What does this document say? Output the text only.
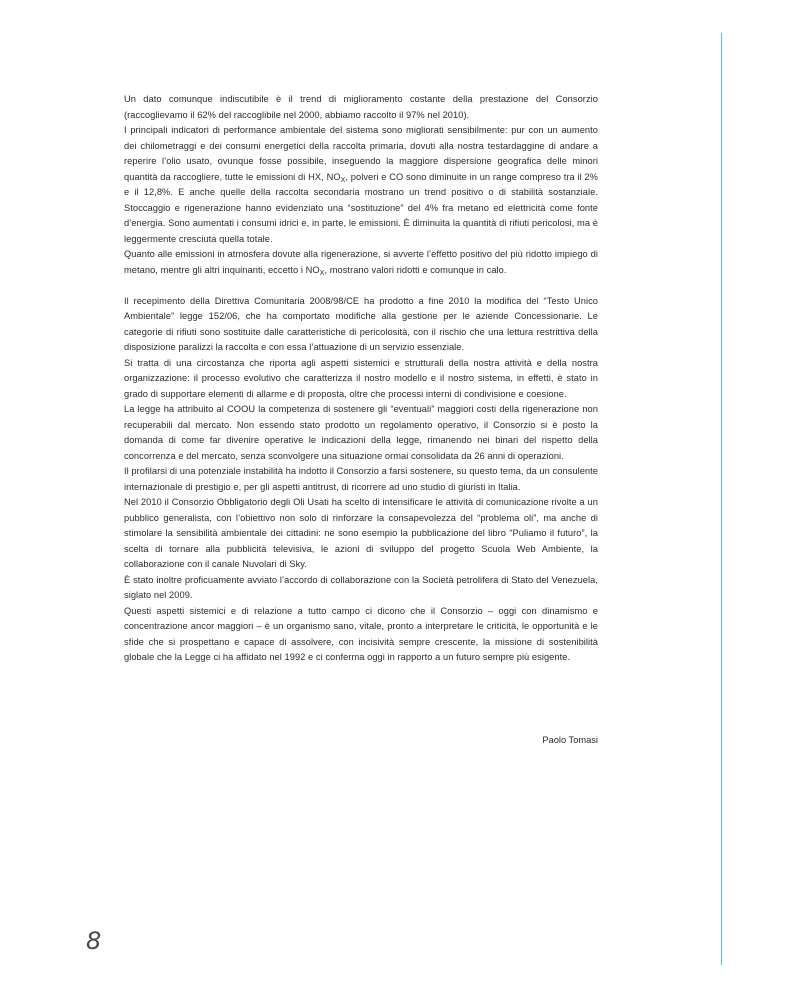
Un dato comunque indiscutibile è il trend di miglioramento costante della prestazione del Consorzio (raccoglievamo il 62% del raccoglibile nel 2000, abbiamo raccolto il 97% nel 2010).

I principali indicatori di performance ambientale del sistema sono migliorati sensibilmente: pur con un aumento dei chilometraggi e dei consumi energetici della raccolta primaria, dovuti alla nostra testardaggine di andare a reperire l’olio usato, ovunque fosse possibile, inseguendo la maggiore dispersione geografica delle minori quantità da raccogliere, tutte le emissioni di HX, $NO_X$, polveri e CO sono diminuite in un range compreso tra il 2% e il 12,8%. E anche quelle della raccolta secondaria mostrano un trend positivo o di stabilità sostanziale. Stoccaggio e rigenerazione hanno evidenziato una “sostituzione” del 4% fra metano ed elettricità come fonte d’energia. Sono aumentati i consumi idrici e, in parte, le emissioni. È diminuita la quantità di rifiuti pericolosi, ma è leggermente cresciuta quella totale.

Quanto alle emissioni in atmosfera dovute alla rigenerazione, si avverte l’effetto positivo del più ridotto impiego di metano, mentre gli altri inquinanti, eccetto i $NO_X$, mostrano valori ridotti e comunque in calo.

Il recepimento della Direttiva Comunitaria 2008/98/CE ha prodotto a fine 2010 la modifica del “Testo Unico Ambientale” legge 152/06, che ha comportato modifiche alla gestione per le aziende Concessionarie. Le categorie di rifiuti sono sostituite dalle caratteristiche di pericolosità, con il rischio che una lettura restrittiva della disposizione paralizzi la raccolta e con essa l’attuazione di un servizio essenziale.

Si tratta di una circostanza che riporta agli aspetti sistemici e strutturali della nostra attività e della nostra organizzazione: il processo evolutivo che caratterizza il nostro modello e il nostro sistema, in effetti, è stato in grado di supportare elementi di allarme e di proposta, oltre che processi interni di condivisione e coesione.

La legge ha attribuito al COOU la competenza di sostenere gli “eventuali” maggiori costi della rigenerazione non recuperabili dal mercato. Non essendo stato prodotto un regolamento operativo, il Consorzio si è posto la domanda di come far divenire operative le indicazioni della legge, rimanendo nei binari del rispetto della concorrenza e del mercato, senza sconvolgere una situazione ormai consolidata da 26 anni di operazioni.

Il profilarsi di una potenziale instabilità ha indotto il Consorzio a farsi sostenere, su questo tema, da un consulente internazionale di prestigio e, per gli aspetti antitrust, di ricorrere ad uno studio di giuristi in Italia.

Nel 2010 il Consorzio Obbligatorio degli Oli Usati ha scelto di intensificare le attività di comunicazione rivolte a un pubblico generalista, con l’obiettivo non solo di rinforzare la consapevolezza del “problema oli”, ma anche di stimolare la sensibilità ambientale dei cittadini: ne sono esempio la pubblicazione del libro “Puliamo il futuro”, la scelta di tornare alla pubblicità televisiva, le azioni di sviluppo del progetto Scuola Web Ambiente, la collaborazione con il canale Nuvolari di Sky.

È stato inoltre proficuamente avviato l’accordo di collaborazione con la Società petrolifera di Stato del Venezuela, siglato nel 2009.

Questi aspetti sistemici e di relazione a tutto campo ci dicono che il Consorzio – oggi con dinamismo e concentrazione ancor maggiori – è un organismo sano, vitale, pronto a interpretare le criticità, le opportunità e le sfide che si prospettano e capace di assolvere, con incisività sempre crescente, la missione di sostenibilità globale che la Legge ci ha affidato nel 1992 e ci conferma oggi in rapporto a un futuro sempre più esigente.

Paolo Tomasi
8
